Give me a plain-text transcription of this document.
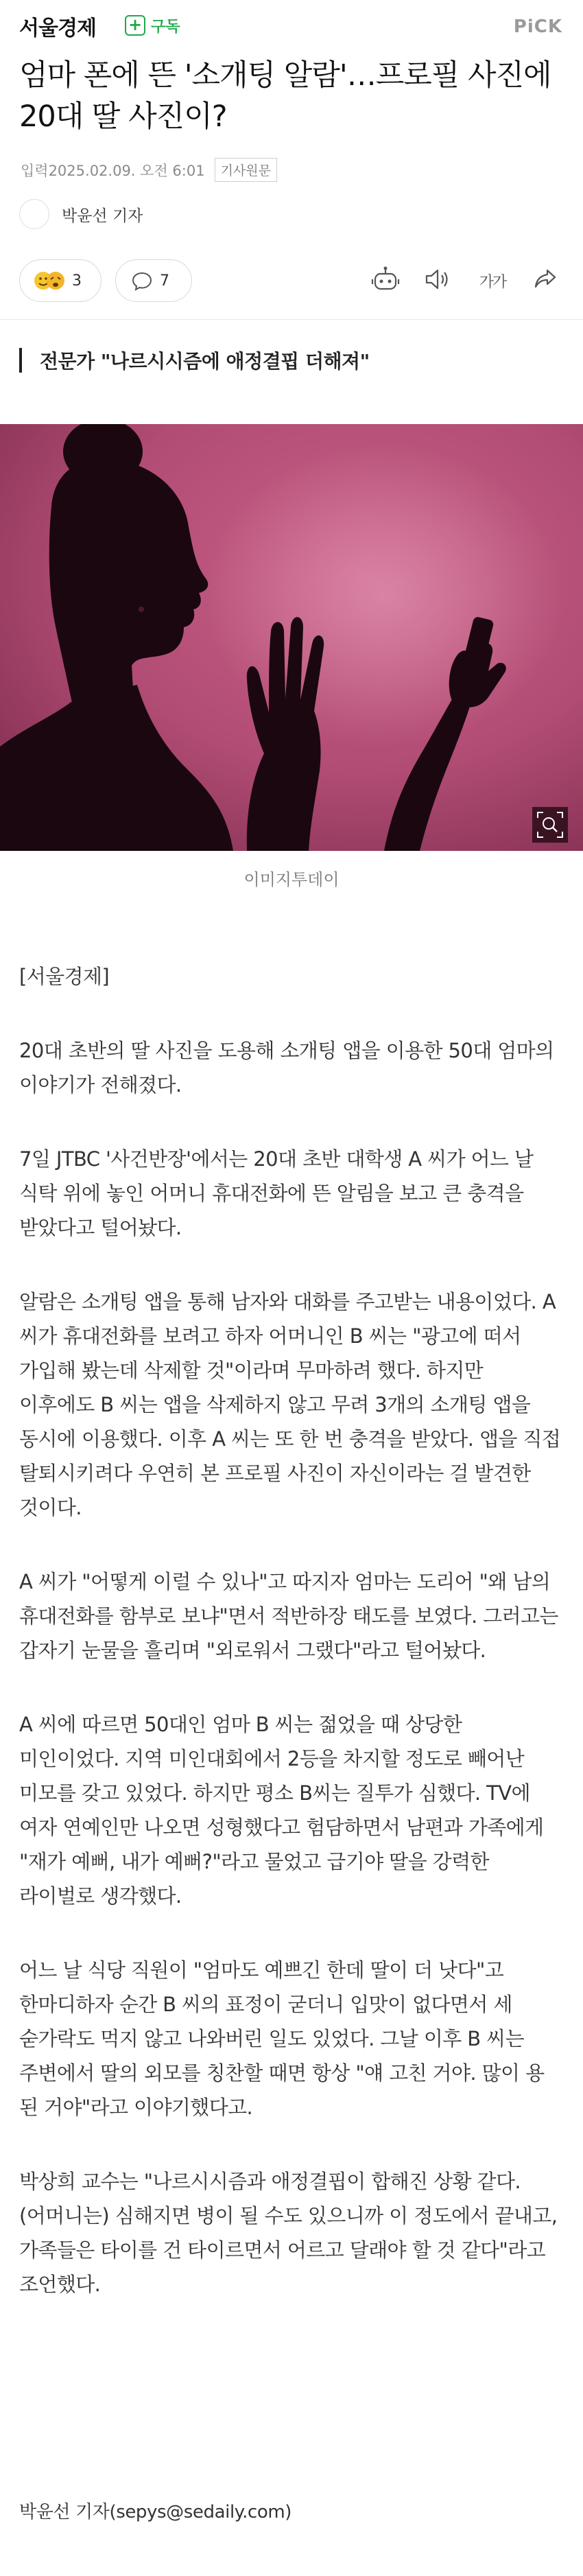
서울경제 + 구독	PiCK
엄마 폰에 뜬 '소개팅 알람'…프로필 사진에 20대 딸 사진이?
입력2025.02.09. 오전 6:01	기사원문
박윤선 기자
3	7	가가
전문가 "나르시시즘에 애정결핍 더해져"
이미지투데이

[서울경제]

20대 초반의 딸 사진을 도용해 소개팅 앱을 이용한 50대 엄마의 이야기가 전해졌다.

7일 JTBC '사건반장'에서는 20대 초반 대학생 A 씨가 어느 날 식탁 위에 놓인 어머니 휴대전화에 뜬 알림을 보고 큰 충격을 받았다고 털어놨다.

알람은 소개팅 앱을 통해 남자와 대화를 주고받는 내용이었다. A 씨가 휴대전화를 보려고 하자 어머니인 B 씨는 "광고에 떠서 가입해 봤는데 삭제할 것"이라며 무마하려 했다. 하지만 이후에도 B 씨는 앱을 삭제하지 않고 무려 3개의 소개팅 앱을 동시에 이용했다. 이후 A 씨는 또 한 번 충격을 받았다. 앱을 직접 탈퇴시키려다 우연히 본 프로필 사진이 자신이라는 걸 발견한 것이다.

A 씨가 "어떻게 이럴 수 있나"고 따지자 엄마는 도리어 "왜 남의 휴대전화를 함부로 보냐"면서 적반하장 태도를 보였다. 그러고는 갑자기 눈물을 흘리며 "외로워서 그랬다"라고 털어놨다.

A 씨에 따르면 50대인 엄마 B 씨는 젊었을 때 상당한 미인이었다. 지역 미인대회에서 2등을 차지할 정도로 빼어난 미모를 갖고 있었다. 하지만 평소 B씨는 질투가 심했다. TV에 여자 연예인만 나오면 성형했다고 험담하면서 남편과 가족에게 "재가 예뻐, 내가 예뻐?"라고 물었고 급기야 딸을 강력한 라이벌로 생각했다.

어느 날 식당 직원이 "엄마도 예쁘긴 한데 딸이 더 낫다"고 한마디하자 순간 B 씨의 표정이 굳더니 입맛이 없다면서 세 숟가락도 먹지 않고 나와버린 일도 있었다. 그날 이후 B 씨는 주변에서 딸의 외모를 칭찬할 때면 항상 "얘 고친 거야. 많이 용 된 거야"라고 이야기했다고.

박상희 교수는 "나르시시즘과 애정결핍이 합해진 상황 같다. (어머니는) 심해지면 병이 될 수도 있으니까 이 정도에서 끝내고, 가족들은 타이를 건 타이르면서 어르고 달래야 할 것 같다"라고 조언했다.

박윤선 기자(sepys@sedaily.com)
